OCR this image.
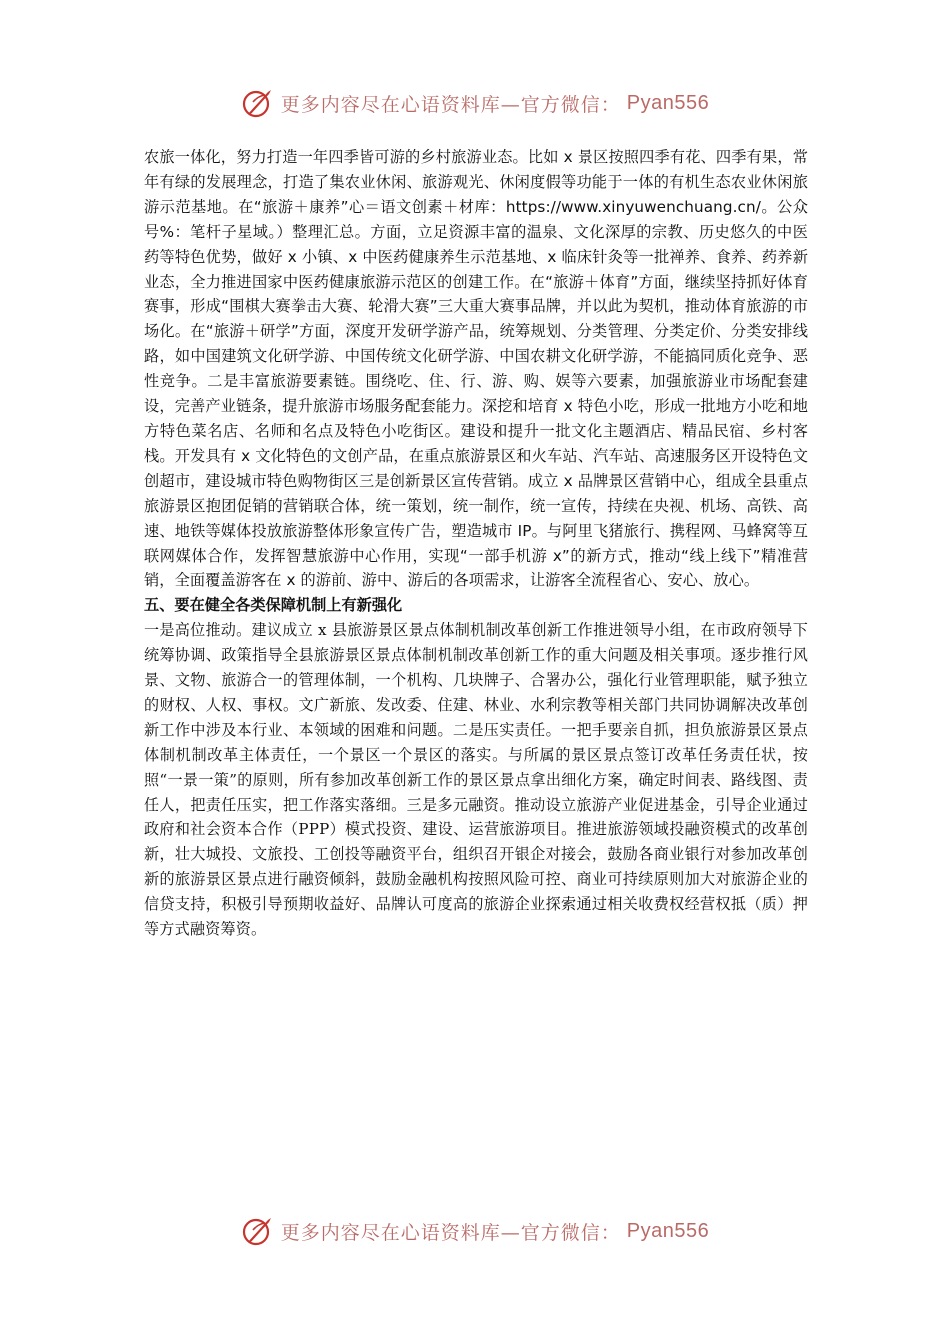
更多内容尽在心语资料库—官方微信： Pyan556

农旅一体化，努力打造一年四季皆可游的乡村旅游业态。比如 x 景区按照四季有花、四季有果，常年有绿的发展理念，打造了集农业休闲、旅游观光、休闲度假等功能于一体的有机生态农业休闲旅游示范基地。在“旅游＋康养”心＝语文创素＋材库：https://www.xinyuwenchuang.cn/。公众号%：笔杆子星域。）整理汇总。方面，立足资源丰富的温泉、文化深厚的宗教、历史悠久的中医药等特色优势，做好 x 小镇、x 中医药健康养生示范基地、x 临床针灸等一批禅养、食养、药养新业态，全力推进国家中医药健康旅游示范区的创建工作。在“旅游＋体育”方面，继续坚持抓好体育赛事，形成“围棋大赛拳击大赛、轮滑大赛”三大重大赛事品牌，并以此为契机，推动体育旅游的市场化。在“旅游＋研学”方面，深度开发研学游产品，统筹规划、分类管理、分类定价、分类安排线路，如中国建筑文化研学游、中国传统文化研学游、中国农耕文化研学游，不能搞同质化竞争、恶性竞争。二是丰富旅游要素链。围绕吃、住、行、游、购、娱等六要素，加强旅游业市场配套建设，完善产业链条，提升旅游市场服务配套能力。深挖和培育 x 特色小吃，形成一批地方小吃和地方特色菜名店、名师和名点及特色小吃街区。建设和提升一批文化主题酒店、精品民宿、乡村客栈。开发具有 x 文化特色的文创产品，在重点旅游景区和火车站、汽车站、高速服务区开设特色文创超市，建设城市特色购物街区三是创新景区宣传营销。成立 x 品牌景区营销中心，组成全县重点旅游景区抱团促销的营销联合体，统一策划，统一制作，统一宣传，持续在央视、机场、高铁、高速、地铁等媒体投放旅游整体形象宣传广告，塑造城市 IP。与阿里飞猪旅行、携程网、马蜂窝等互联网媒体合作，发挥智慧旅游中心作用，实现“一部手机游 x”的新方式，推动“线上线下”精准营销，全面覆盖游客在 x 的游前、游中、游后的各项需求，让游客全流程省心、安心、放心。

五、要在健全各类保障机制上有新强化

一是高位推动。建议成立 x 县旅游景区景点体制机制改革创新工作推进领导小组，在市政府领导下统筹协调、政策指导全县旅游景区景点体制机制改革创新工作的重大问题及相关事项。逐步推行风景、文物、旅游合一的管理体制，一个机构、几块牌子、合署办公，强化行业管理职能，赋予独立的财权、人权、事权。文广新旅、发改委、住建、林业、水利宗教等相关部门共同协调解决改革创新工作中涉及本行业、本领域的困难和问题。二是压实责任。一把手要亲自抓，担负旅游景区景点体制机制改革主体责任，一个景区一个景区的落实。与所属的景区景点签订改革任务责任状，按照“一景一策”的原则，所有参加改革创新工作的景区景点拿出细化方案，确定时间表、路线图、责任人，把责任压实，把工作落实落细。三是多元融资。推动设立旅游产业促进基金，引导企业通过政府和社会资本合作（PPP）模式投资、建设、运营旅游项目。推进旅游领域投融资模式的改革创新，壮大城投、文旅投、工创投等融资平台，组织召开银企对接会，鼓励各商业银行对参加改革创新的旅游景区景点进行融资倾斜，鼓励金融机构按照风险可控、商业可持续原则加大对旅游企业的信贷支持，积极引导预期收益好、品牌认可度高的旅游企业探索通过相关收费权经营权抵（质）押等方式融资筹资。

更多内容尽在心语资料库—官方微信： Pyan556
